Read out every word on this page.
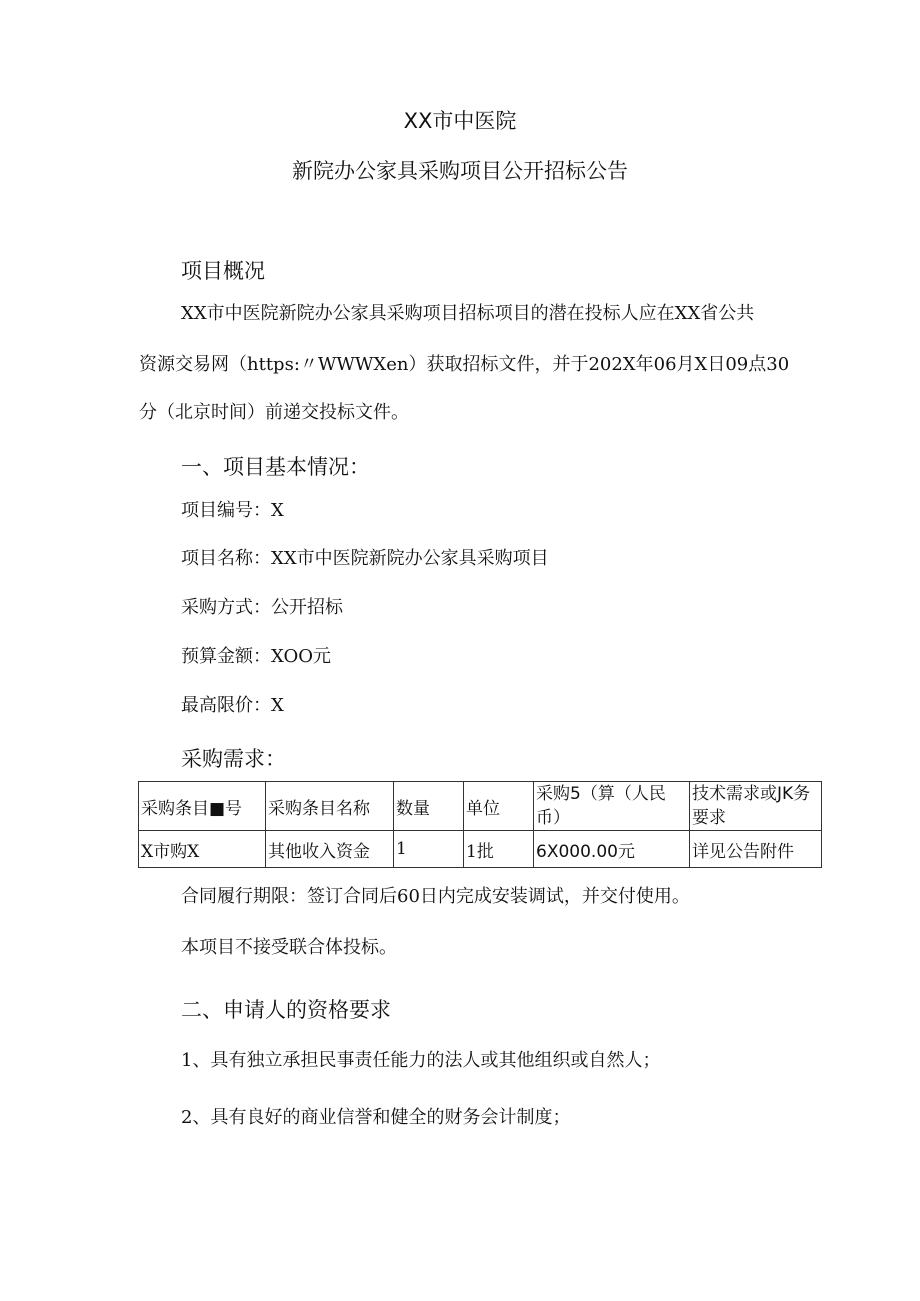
XX市中医院
新院办公家具采购项目公开招标公告
项目概况
XX市中医院新院办公家具采购项目招标项目的潜在投标人应在XX省公共
资源交易网（https:〃WWWXen）获取招标文件，并于202X年06月X日09点30
分（北京时间）前递交投标文件。
一、项目基本情况：
项目编号：X
项目名称：XX市中医院新院办公家具采购项目
采购方式：公开招标
预算金额：XOO元
最高限价：X
采购需求：
采购条目■号	采购条目名称	数量	单位	采购5（算（人民币）	技术需求或JK务要求

X市购X	其他收入资金	1	1批	6X000.00元	详见公告附件
合同履行期限：签订合同后60日内完成安装调试，并交付使用。
本项目不接受联合体投标。
二、申请人的资格要求
1、具有独立承担民事责任能力的法人或其他组织或自然人；
2、具有良好的商业信誉和健全的财务会计制度；
